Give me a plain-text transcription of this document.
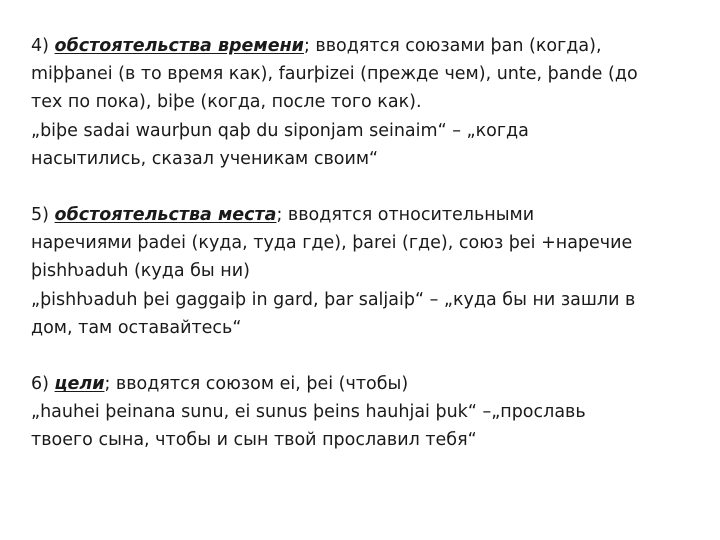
4) обстоятельства времени; вводятся союзами þan (когда),
miþþanei (в то время как), faurþizei (прежде чем), unte, þande (до
тех по пока), biþe (когда, после того как).
„biþe sadai waurþun qaþ du siponjam seinaim“ – „когда
насытились, сказал ученикам своим“

5) обстоятельства места; вводятся относительными
наречиями þadei (куда, туда где), þarei (где), союз þei +наречие
þishƕaduh (куда бы ни)
„þishƕaduh þei gaggaiþ in gard, þar saljaiþ“ – „куда бы ни зашли в
дом, там оставайтесь“

6) цели; вводятся союзом ei, þei (чтобы)
„hauhei þeinana sunu, ei sunus þeins hauhjai þuk“ –„прославь
твоего сына, чтобы и сын твой прославил тебя“
